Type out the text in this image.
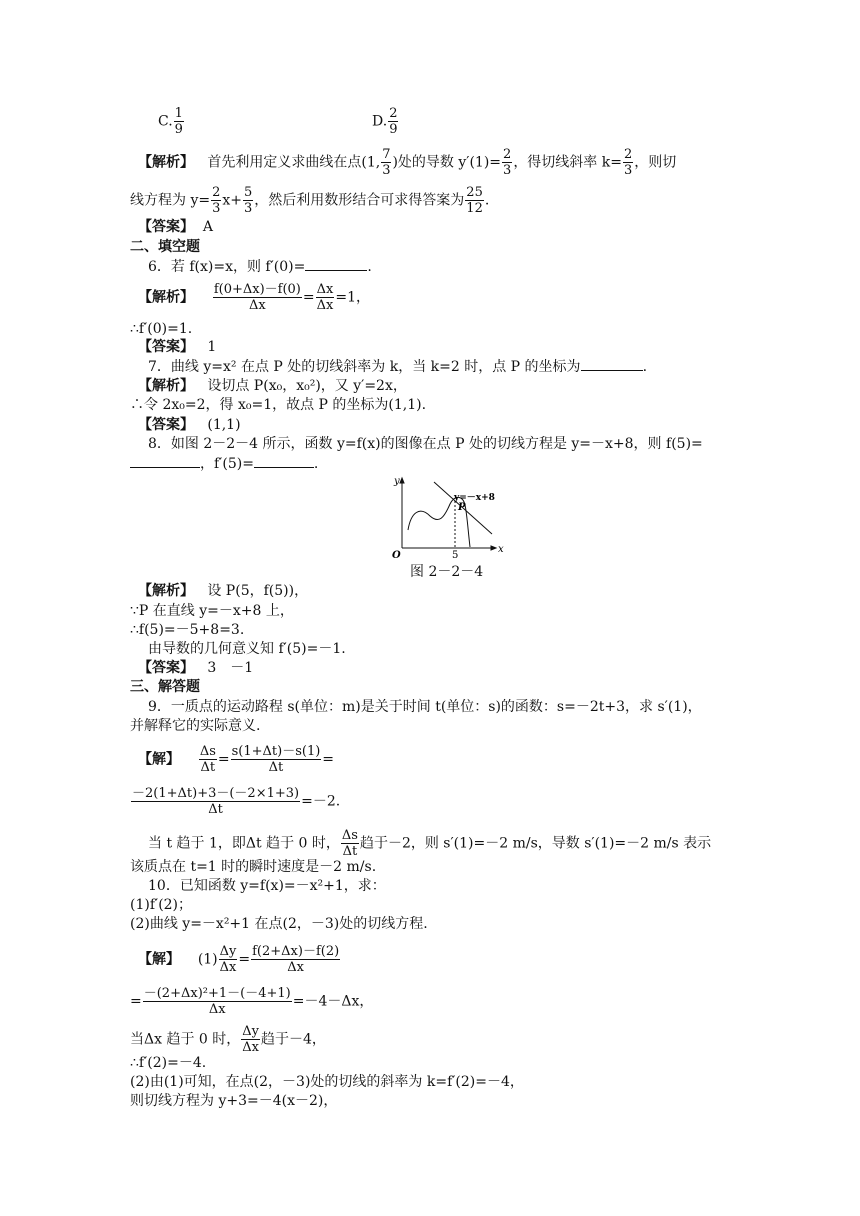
C. $\frac{1}{9}$	D. $\frac{2}{9}$
【解析】 首先利用定义求曲线在点(1, $\frac{7}{3}$ )处的导数 $y'(1)= \frac{2}{3}$ ，得切线斜率 $k= \frac{2}{3}$ ，则切
线方程为 $y= \frac{2}{3} x+ \frac{5}{3}$ ，然后利用数形结合可求得答案为 $\frac{25}{12}$ .
【答案】 A
二、填空题
6．若 f(x)=x，则 f′(0)=	.
【解析】 $\frac{f(0+\Delta x)-f(0)}{\Delta x} = \frac{\Delta x}{\Delta x} =1$，
∴f′(0)=1.
【答案】 1
7．曲线 y=x² 在点 P 处的切线斜率为 k，当 k=2 时，点 P 的坐标为	.
【解析】 设切点 P(x₀，x₀²)，又 y′=2x，
∴令 2x₀=2，得 x₀=1，故点 P 的坐标为(1,1).
【答案】 (1,1)
8．如图 2－2－4 所示，函数 y=f(x)的图像在点 P 处的切线方程是 y=－x+8，则 f(5)=
，f′(5)=	.
y
x
O	5
y=－x+8
P
图 2－2－4
【解析】 设 P(5，f(5))，
∵P 在直线 y=－x+8 上，
∴f(5)=－5+8=3.
由导数的几何意义知 f′(5)=－1.
【答案】 3　－1
三、解答题
9．一质点的运动路程 s(单位：m)是关于时间 t(单位：s)的函数：s=－2t+3，求 s′(1)，
并解释它的实际意义.
【解】 $\frac{\Delta s}{\Delta t} = \frac{s(1+\Delta t)-s(1)}{\Delta t}$ =
$\frac{-2(1+\Delta t)+3-(-2\times 1+3)}{\Delta t} =-2$.
当 t 趋于 1，即Δt 趋于 0 时， $\frac{\Delta s}{\Delta t}$ 趋于－2，则 s′(1)=－2 m/s，导数 s′(1)=－2 m/s 表示
该质点在 t=1 时的瞬时速度是－2 m/s.
10．已知函数 y=f(x)=－x²+1，求：
(1)f′(2)；
(2)曲线 y=－x²+1 在点(2，－3)处的切线方程.
【解】 $(1) \frac{\Delta y}{\Delta x} = \frac{f(2+\Delta x)-f(2)}{\Delta x}$
= $\frac{\text{－(2+Δx)²+1－(－4+1)}}{\Delta x} =-4-\Delta x$，
当Δx 趋于 0 时， $\frac{\Delta y}{\Delta x}$ 趋于－4，
∴f′(2)=－4.
(2)由(1)可知，在点(2，－3)处的切线的斜率为 k=f′(2)=－4，
则切线方程为 y+3=－4(x－2)，
